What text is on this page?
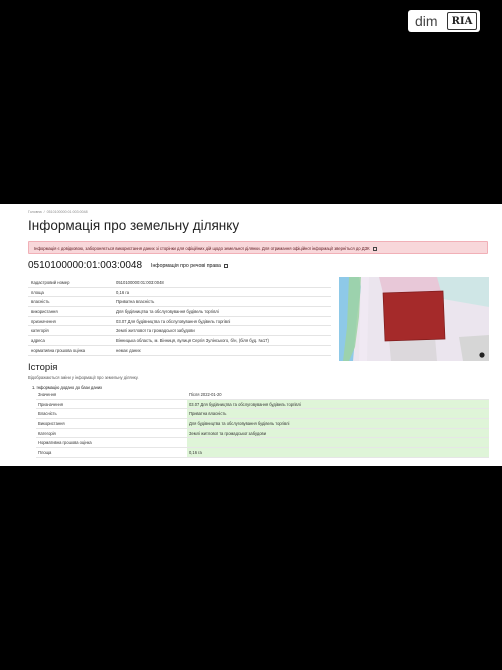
dim	RIA
Головна / 0510100000:01:003:0048
Інформація про земельну ділянку
Інформація є довідковою, забороняється використання даних зі сторінки для офіційних дій щодо земельної ділянки. Для отримання офіційної інформації зверніться до ДЗК
0510100000:01:003:0048 Інформація про речові права
Кадастровий номер	0510100000:01:003:0048
площа	0,16 га
власність	Приватна власність
використання	Для будівництва та обслуговування будівель торгівлі
призначення	03.07 Для будівництва та обслуговування будівель торгівлі
категорія	Землі житлової та громадської забудови
адреса	Вінницька область, м. Вінниця, вулиця Сергія Зулінського, б/н, (біля буд. №17)
нормативна грошова оцінка	немає даних
Історія
Відображаються зміни у інформації про земельну ділянку.
1. Інформацію додано до бази даних
Значення	Після 2022-01-20
Призначення	03.07 Для будівництва та обслуговування будівель торгівлі
Власність	Приватна власність
Використання	Для будівництва та обслуговування будівель торгівлі
Категорія	Землі житлової та громадської забудови
Нормативна грошова оцінка	
Площа	0,16 га
